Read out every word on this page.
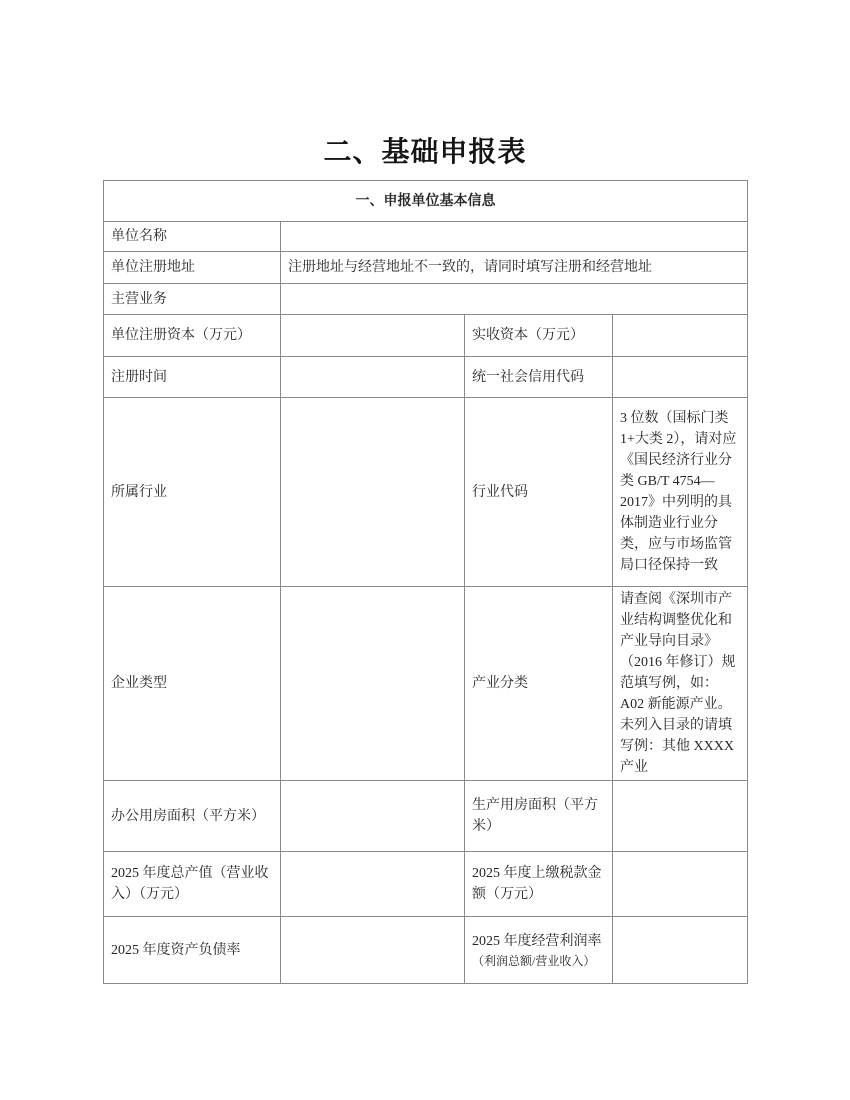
二、基础申报表
一、申报单位基本信息			
单位名称			
单位注册地址	注册地址与经营地址不一致的，请同时填写注册和经营地址		
主营业务			
单位注册资本（万元）		实收资本（万元）	
注册时间		统一社会信用代码	
所属行业		行业代码	3 位数（国标门类 1+大类 2），请对应《国民经济行业分类 GB/T 4754—2017》中列明的具体制造业行业分类，应与市场监管局口径保持一致
企业类型		产业分类	请查阅《深圳市产业结构调整优化和产业导向目录》（2016 年修订）规范填写例，如：A02 新能源产业。未列入目录的请填写例：其他 XXXX 产业
办公用房面积（平方米）		生产用房面积（平方米）	
2025 年度总产值（营业收入）（万元）		2025 年度上缴税款金额（万元）	
2025 年度资产负债率		2025 年度经营利润率
（利润总额/营业收入）	
